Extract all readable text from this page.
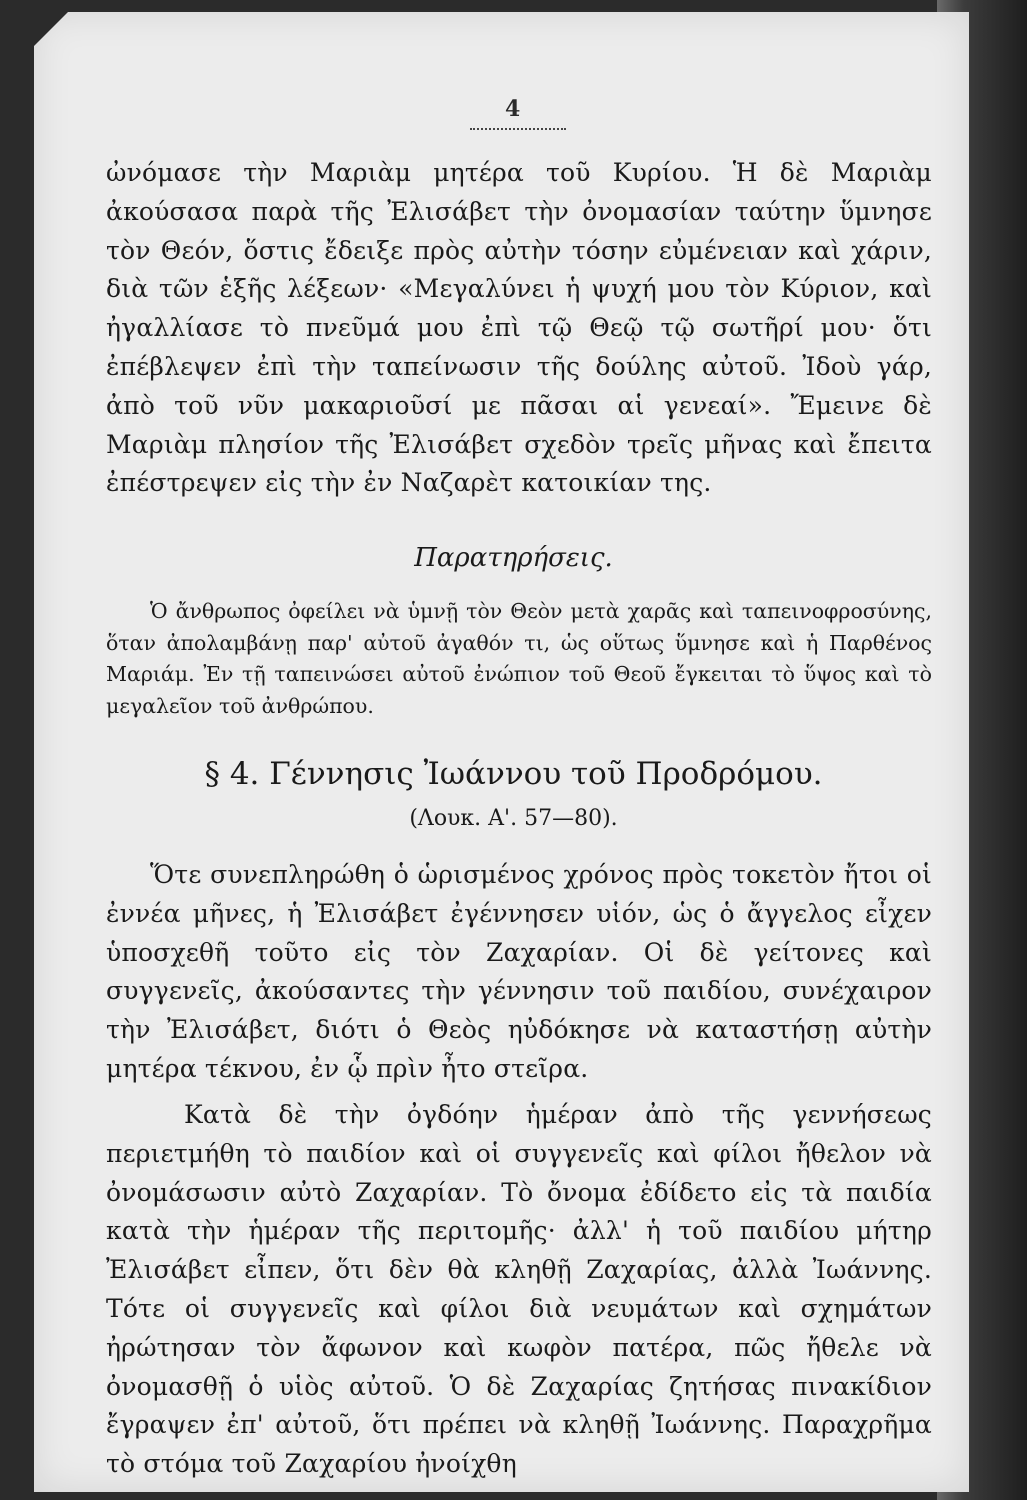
4

ὠνόμασε τὴν Μαριὰμ μητέρα τοῦ Κυρίου. Ἡ δὲ Μαριὰμ ἀκούσασα παρὰ τῆς Ἐλισάβετ τὴν ὀνομασίαν ταύτην ὕμνησε τὸν Θεόν, ὅστις ἔδειξε πρὸς αὐτὴν τόσην εὐμένειαν καὶ χάριν, διὰ τῶν ἑξῆς λέξεων· «Μεγαλύνει ἡ ψυχή μου τὸν Κύριον, καὶ ἠγαλλίασε τὸ πνεῦμά μου ἐπὶ τῷ Θεῷ τῷ σωτῆρί μου· ὅτι ἐπέβλεψεν ἐπὶ τὴν ταπείνωσιν τῆς δούλης αὐτοῦ. Ἰδοὺ γάρ, ἀπὸ τοῦ νῦν μακαριοῦσί με πᾶσαι αἱ γενεαί». Ἔμεινε δὲ Μαριὰμ πλησίον τῆς Ἐλισάβετ σχεδὸν τρεῖς μῆνας καὶ ἔπειτα ἐπέστρεψεν εἰς τὴν ἐν Ναζαρὲτ κατοικίαν της.

Παρατηρήσεις.

Ὁ ἄνθρωπος ὀφείλει νὰ ὑμνῇ τὸν Θεὸν μετὰ χαρᾶς καὶ ταπεινοφροσύνης, ὅταν ἀπολαμβάνῃ παρ' αὐτοῦ ἀγαθόν τι, ὡς οὕτως ὕμνησε καὶ ἡ Παρθένος Μαριάμ. Ἐν τῇ ταπεινώσει αὐτοῦ ἐνώπιον τοῦ Θεοῦ ἔγκειται τὸ ὕψος καὶ τὸ μεγαλεῖον τοῦ ἀνθρώπου.

§ 4. Γέννησις Ἰωάννου τοῦ Προδρόμου.
(Λουκ. Α'. 57—80).

Ὅτε συνεπληρώθη ὁ ὡρισμένος χρόνος πρὸς τοκετὸν ἤτοι οἱ ἐννέα μῆνες, ἡ Ἐλισάβετ ἐγέννησεν υἱόν, ὡς ὁ ἄγγελος εἶχεν ὑποσχεθῆ τοῦτο εἰς τὸν Ζαχαρίαν. Οἱ δὲ γείτονες καὶ συγγενεῖς, ἀκούσαντες τὴν γέννησιν τοῦ παιδίου, συνέχαιρον τὴν Ἐλισάβετ, διότι ὁ Θεὸς ηὐδόκησε νὰ καταστήσῃ αὐτὴν μητέρα τέκνου, ἐν ᾧ πρὶν ἦτο στεῖρα.

Κατὰ δὲ τὴν ὀγδόην ἡμέραν ἀπὸ τῆς γεννήσεως περιετμήθη τὸ παιδίον καὶ οἱ συγγενεῖς καὶ φίλοι ἤθελον νὰ ὀνομάσωσιν αὐτὸ Ζαχαρίαν. Τὸ ὄνομα ἐδίδετο εἰς τὰ παιδία κατὰ τὴν ἡμέραν τῆς περιτομῆς· ἀλλ' ἡ τοῦ παιδίου μήτηρ Ἐλισάβετ εἶπεν, ὅτι δὲν θὰ κληθῇ Ζαχαρίας, ἀλλὰ Ἰωάννης. Τότε οἱ συγγενεῖς καὶ φίλοι διὰ νευμάτων καὶ σχημάτων ἠρώτησαν τὸν ἄφωνον καὶ κωφὸν πατέρα, πῶς ἤθελε νὰ ὀνομασθῇ ὁ υἱὸς αὐτοῦ. Ὁ δὲ Ζαχαρίας ζητήσας πινακίδιον ἔγραψεν ἐπ' αὐτοῦ, ὅτι πρέπει νὰ κληθῇ Ἰωάννης. Παραχρῆμα τὸ στόμα τοῦ Ζαχαρίου ἠνοίχθη
